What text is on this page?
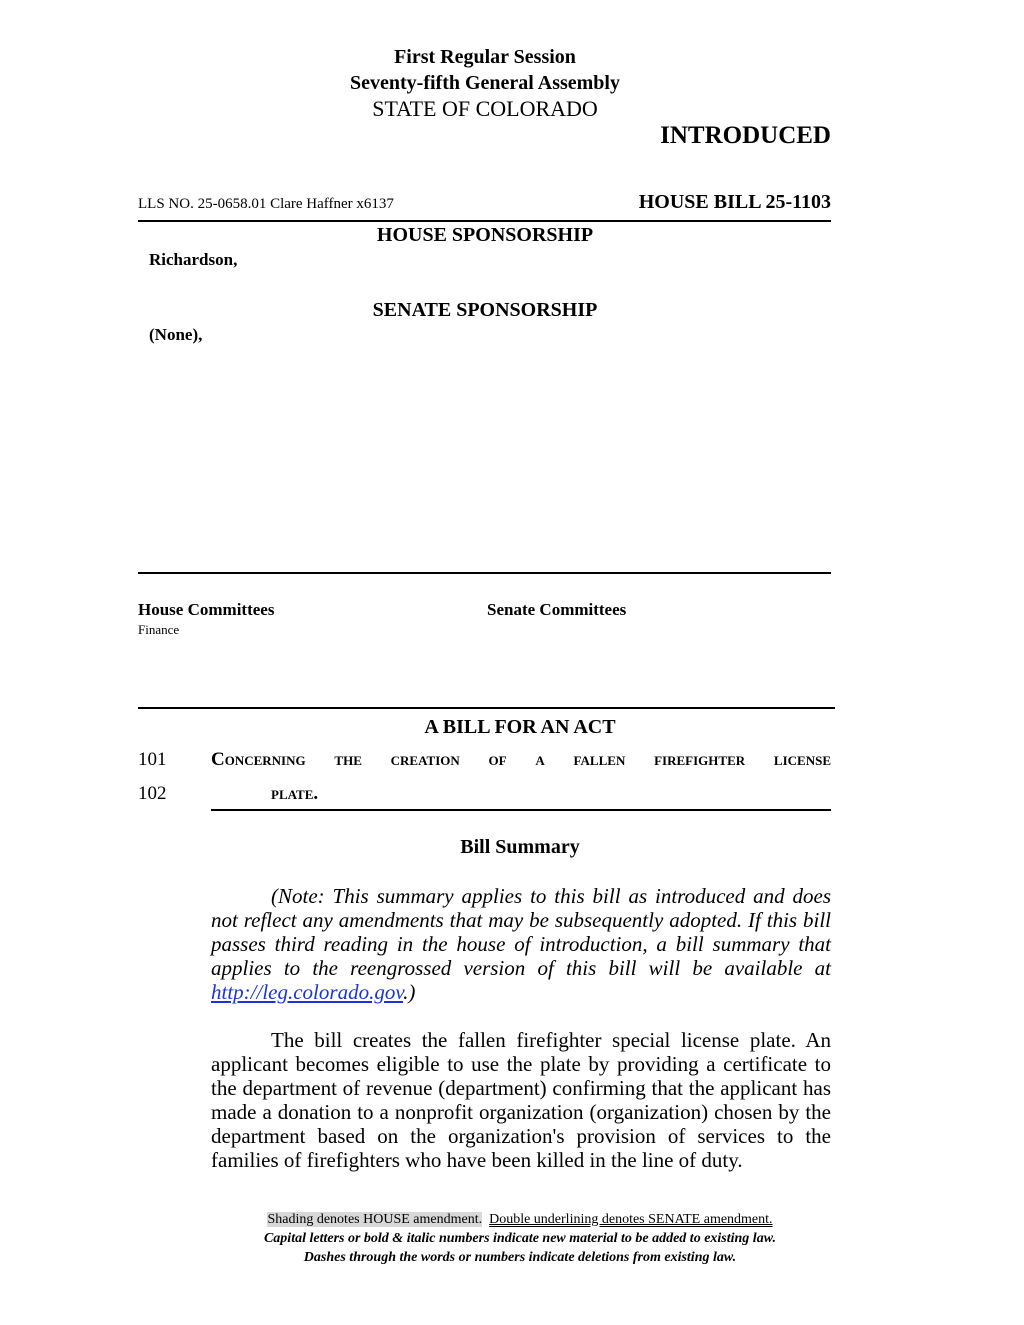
First Regular Session
Seventy-fifth General Assembly
STATE OF COLORADO
INTRODUCED
LLS NO. 25-0658.01 Clare Haffner x6137	HOUSE BILL 25-1103
HOUSE SPONSORSHIP
Richardson,
SENATE SPONSORSHIP
(None),
House Committees
Finance
Senate Committees
A BILL FOR AN ACT
101 Concerning the creation of a fallen firefighter license
102	plate.
Bill Summary
(Note: This summary applies to this bill as introduced and does not reflect any amendments that may be subsequently adopted. If this bill passes third reading in the house of introduction, a bill summary that applies to the reengrossed version of this bill will be available at http://leg.colorado.gov.)
The bill creates the fallen firefighter special license plate. An applicant becomes eligible to use the plate by providing a certificate to the department of revenue (department) confirming that the applicant has made a donation to a nonprofit organization (organization) chosen by the department based on the organization's provision of services to the families of firefighters who have been killed in the line of duty.
Shading denotes HOUSE amendment. Double underlining denotes SENATE amendment.
Capital letters or bold & italic numbers indicate new material to be added to existing law.
Dashes through the words or numbers indicate deletions from existing law.
